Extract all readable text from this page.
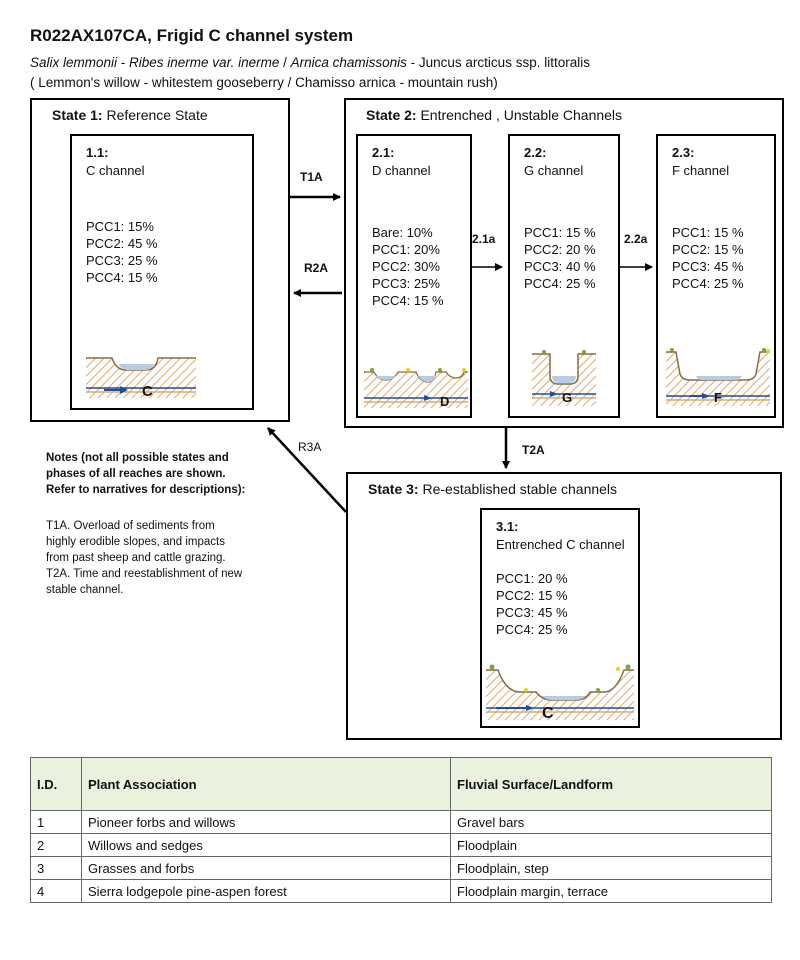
R022AX107CA, Frigid C channel system
Salix lemmonii - Ribes inerme var. inerme / Arnica chamissonis - Juncus arcticus ssp. littoralis
( Lemmon's willow - whitestem gooseberry / Chamisso arnica - mountain rush)
State 1: Reference State
1.1:
C channel
PCC1: 15%
PCC2: 45 %
PCC3: 25 %
PCC4: 15 %
C
State 2: Entrenched , Unstable Channels
2.1:
D channel
Bare: 10%
PCC1: 20%
PCC2: 30%
PCC3: 25%
PCC4: 15 %
D
2.2:
G channel
PCC1: 15 %
PCC2: 20 %
PCC3: 40 %
PCC4: 25 %
G
2.3:
F channel
PCC1: 15 %
PCC2: 15 %
PCC3: 45 %
PCC4: 25 %
F
State 3: Re-established stable channels
3.1:
Entrenched C channel
PCC1: 20 %
PCC2: 15 %
PCC3: 45 %
PCC4: 25 %
C
T1A
R2A
2.1a	2.2a
T2A
R3A
Notes (not all possible states and phases of all reaches are shown. Refer to narratives for descriptions):
T1A. Overload of sediments from highly erodible slopes, and impacts from past sheep and cattle grazing.
T2A. Time and reestablishment of new stable channel.
I.D.	Plant Association	Fluvial Surface/Landform
1	Pioneer forbs and willows	Gravel bars
2	Willows and sedges	Floodplain
3	Grasses and forbs	Floodplain, step
4	Sierra lodgepole pine-aspen forest	Floodplain margin, terrace
